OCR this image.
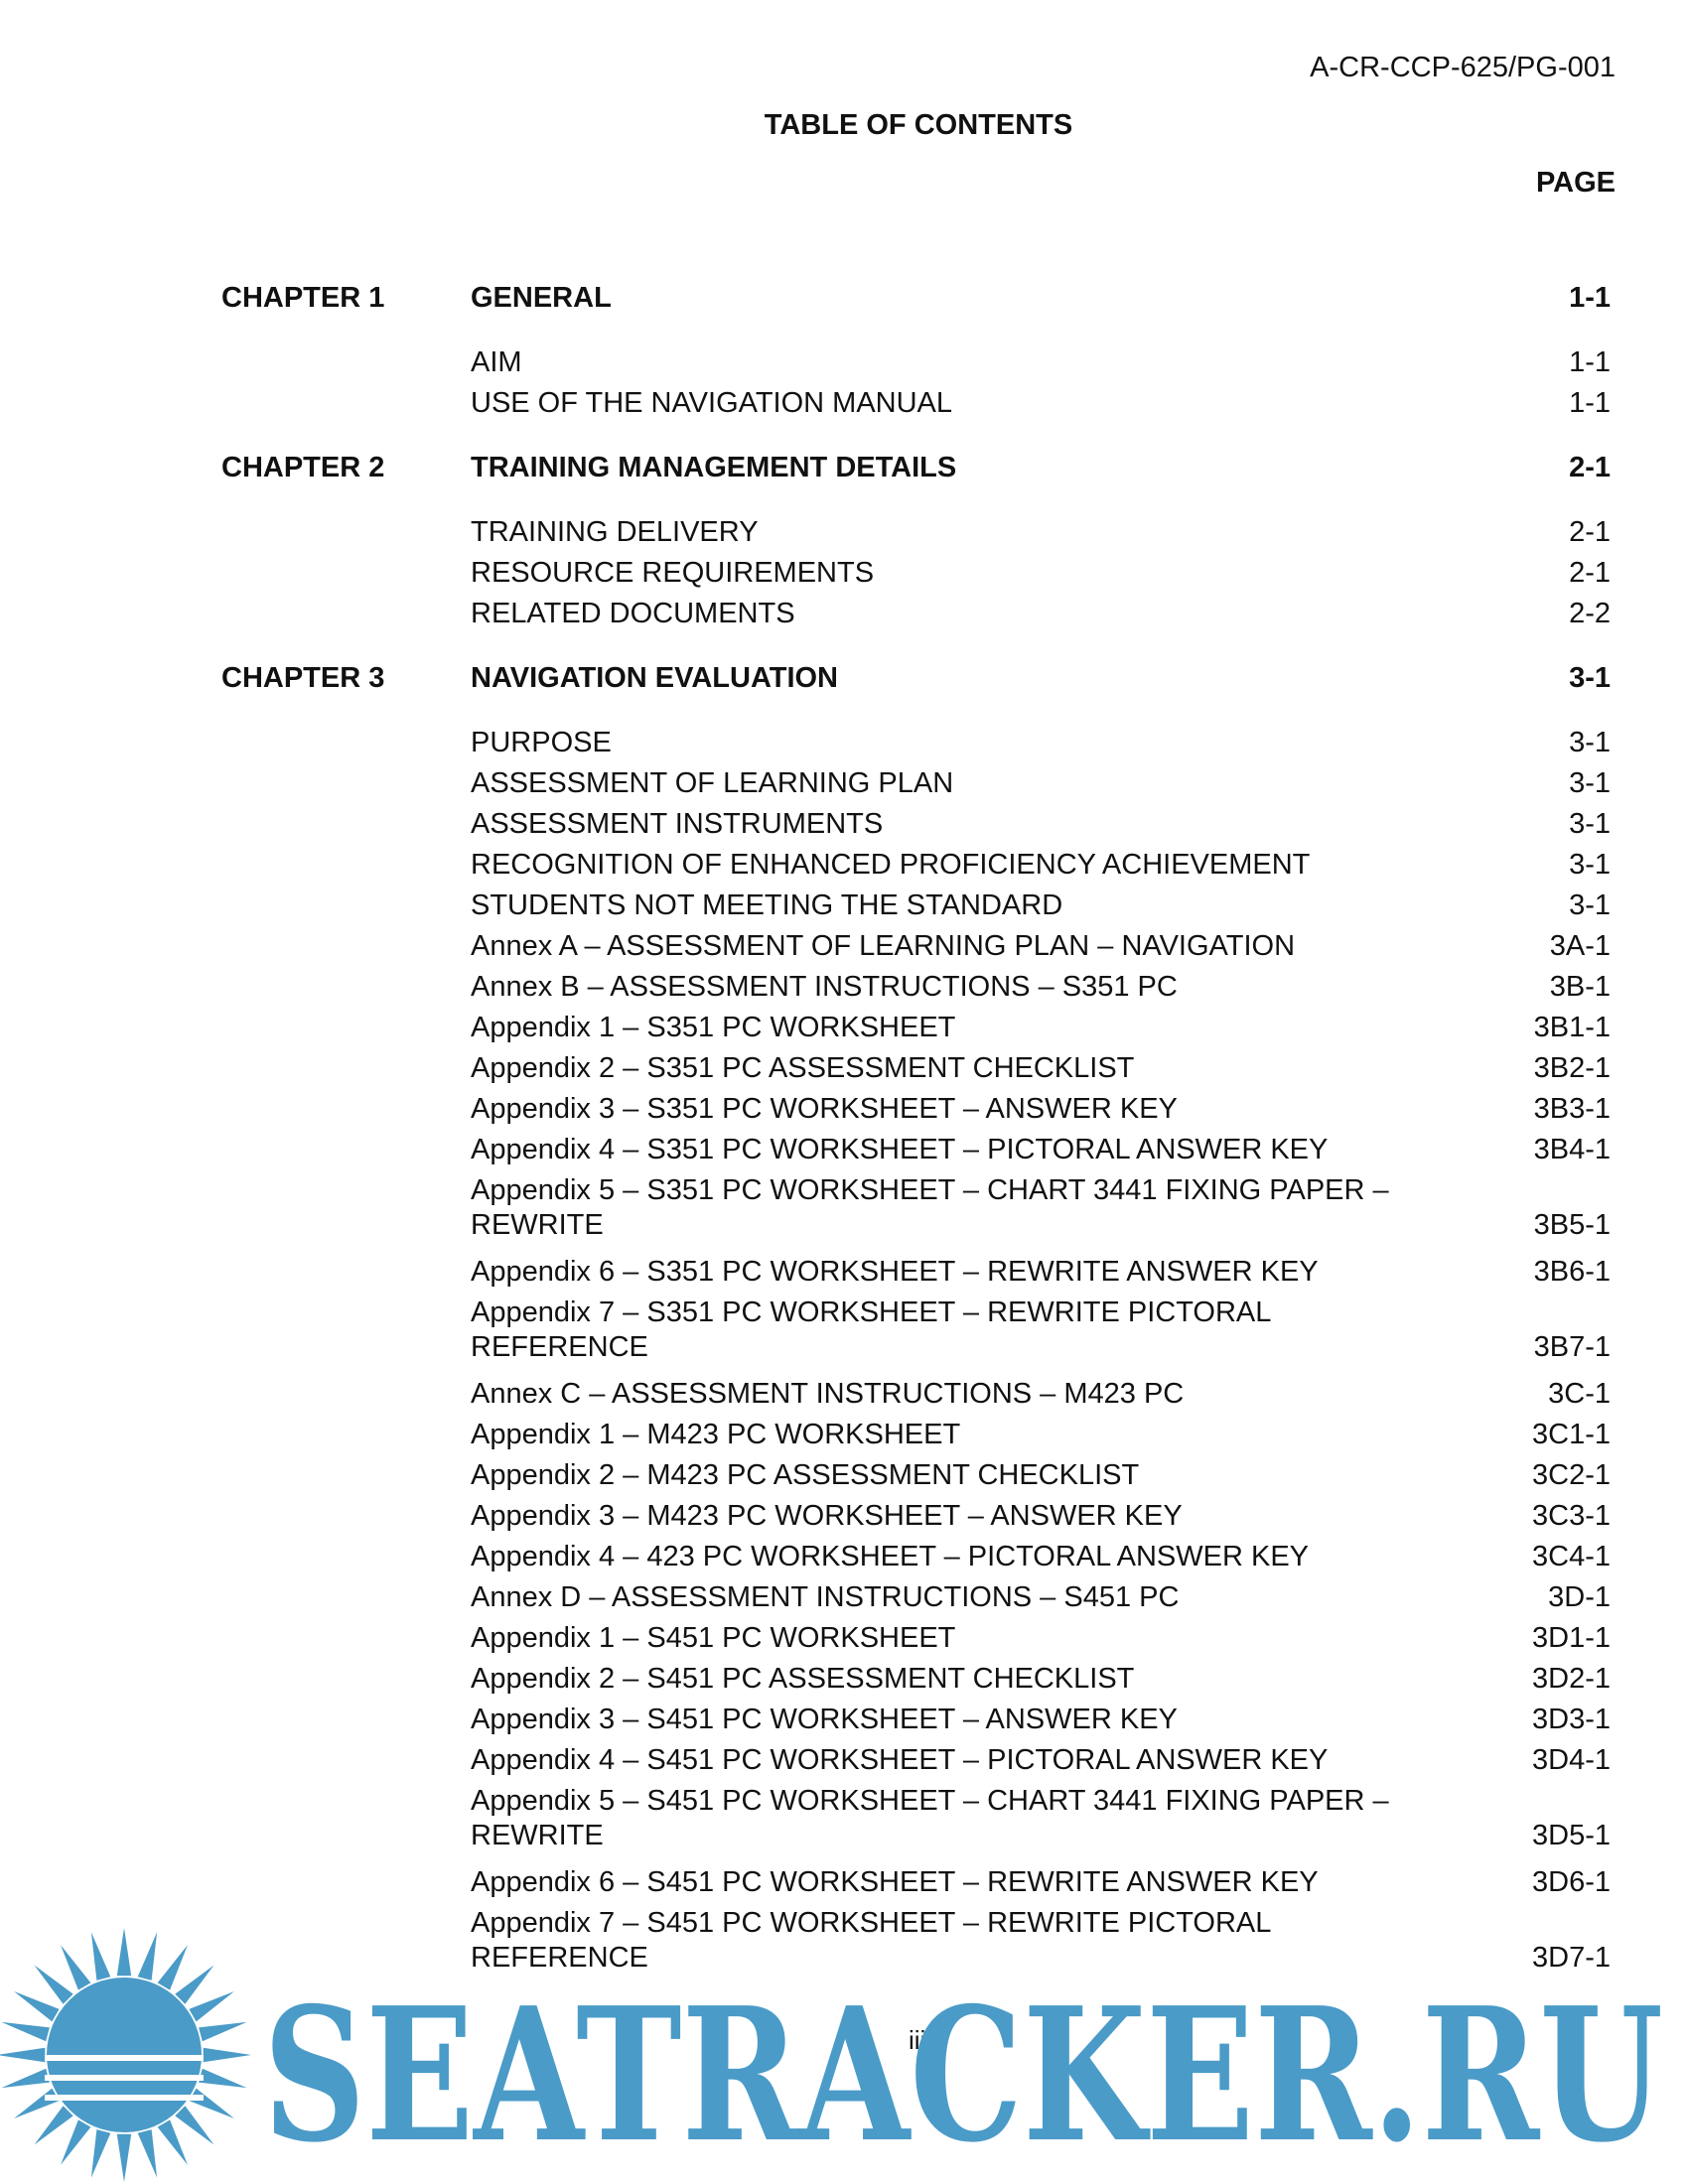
A-CR-CCP-625/PG-001
TABLE OF CONTENTS
PAGE
CHAPTER 1	GENERAL	1-1
AIM	1-1
USE OF THE NAVIGATION MANUAL	1-1
CHAPTER 2	TRAINING MANAGEMENT DETAILS	2-1
TRAINING DELIVERY	2-1
RESOURCE REQUIREMENTS	2-1
RELATED DOCUMENTS	2-2
CHAPTER 3	NAVIGATION EVALUATION	3-1
PURPOSE	3-1
ASSESSMENT OF LEARNING PLAN	3-1
ASSESSMENT INSTRUMENTS	3-1
RECOGNITION OF ENHANCED PROFICIENCY ACHIEVEMENT	3-1
STUDENTS NOT MEETING THE STANDARD	3-1
Annex A – ASSESSMENT OF LEARNING PLAN – NAVIGATION	3A-1
Annex B – ASSESSMENT INSTRUCTIONS – S351 PC	3B-1
Appendix 1 – S351 PC WORKSHEET	3B1-1
Appendix 2 – S351 PC ASSESSMENT CHECKLIST	3B2-1
Appendix 3 – S351 PC WORKSHEET – ANSWER KEY	3B3-1
Appendix 4 – S351 PC WORKSHEET – PICTORAL ANSWER KEY	3B4-1
Appendix 5 – S351 PC WORKSHEET – CHART 3441 FIXING PAPER – REWRITE	3B5-1
Appendix 6 – S351 PC WORKSHEET – REWRITE ANSWER KEY	3B6-1
Appendix 7 – S351 PC WORKSHEET – REWRITE PICTORAL REFERENCE	3B7-1
Annex C – ASSESSMENT INSTRUCTIONS – M423 PC	3C-1
Appendix 1 – M423 PC WORKSHEET	3C1-1
Appendix 2 – M423 PC ASSESSMENT CHECKLIST	3C2-1
Appendix 3 – M423 PC WORKSHEET – ANSWER KEY	3C3-1
Appendix 4 – 423 PC WORKSHEET – PICTORAL ANSWER KEY	3C4-1
Annex D – ASSESSMENT INSTRUCTIONS – S451 PC	3D-1
Appendix 1 – S451 PC WORKSHEET	3D1-1
Appendix 2 – S451 PC ASSESSMENT CHECKLIST	3D2-1
Appendix 3 – S451 PC WORKSHEET – ANSWER KEY	3D3-1
Appendix 4 – S451 PC WORKSHEET – PICTORAL ANSWER KEY	3D4-1
Appendix 5 – S451 PC WORKSHEET – CHART 3441 FIXING PAPER – REWRITE	3D5-1
Appendix 6 – S451 PC WORKSHEET – REWRITE ANSWER KEY	3D6-1
Appendix 7 – S451 PC WORKSHEET – REWRITE PICTORAL REFERENCE	3D7-1
iii
SEATRACKER.RU
